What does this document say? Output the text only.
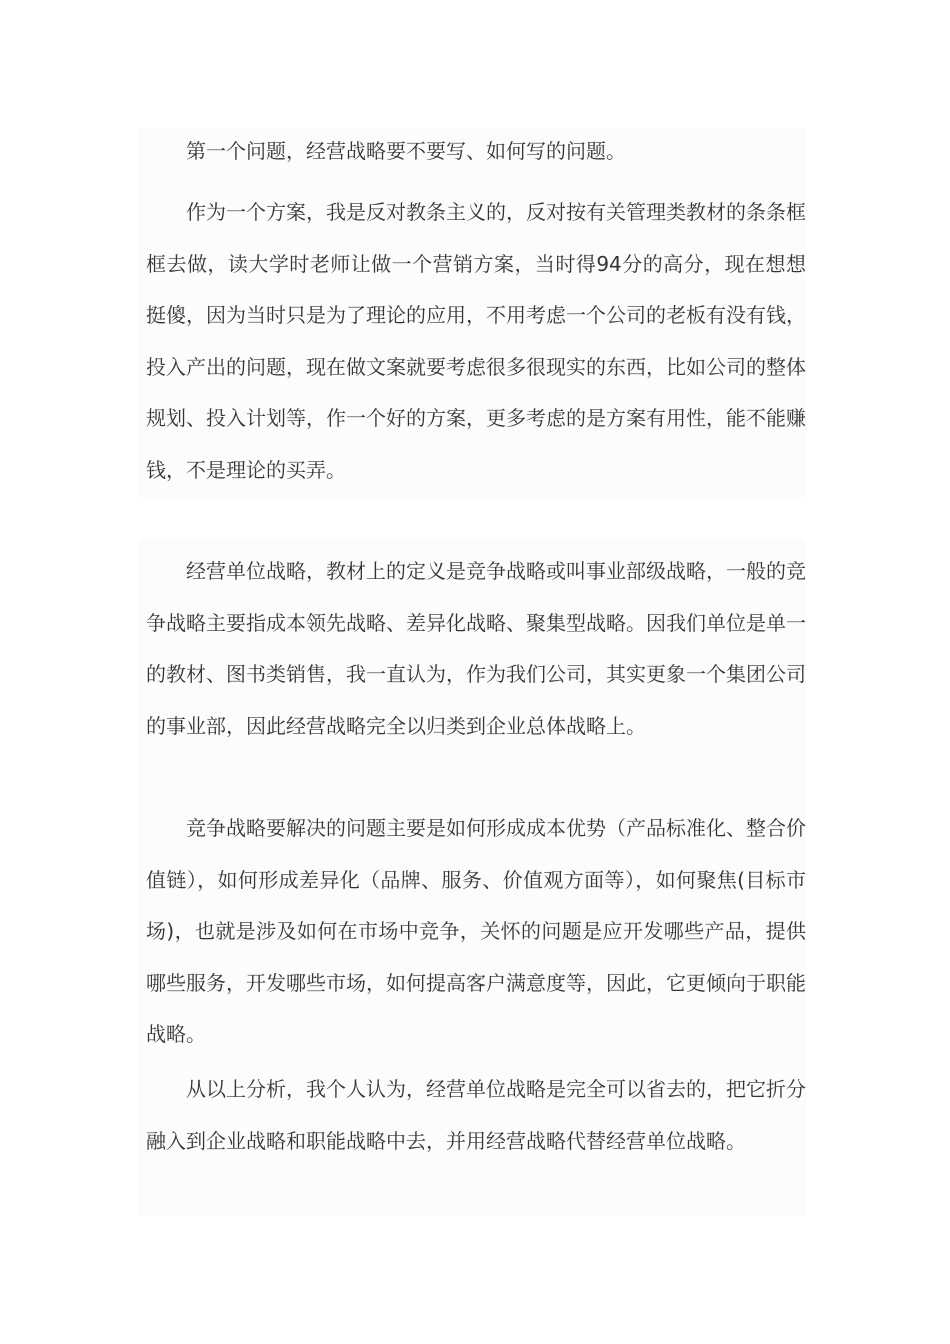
第一个问题，经营战略要不要写、如何写的问题。

作为一个方案，我是反对教条主义的，反对按有关管理类教材的条条框框去做，读大学时老师让做一个营销方案，当时得94分的高分，现在想想挺傻，因为当时只是为了理论的应用，不用考虑一个公司的老板有没有钱，投入产出的问题，现在做文案就要考虑很多很现实的东西，比如公司的整体规划、投入计划等，作一个好的方案，更多考虑的是方案有用性，能不能赚钱，不是理论的买弄。

经营单位战略，教材上的定义是竞争战略或叫事业部级战略，一般的竞争战略主要指成本领先战略、差异化战略、聚集型战略。因我们单位是单一的教材、图书类销售，我一直认为，作为我们公司，其实更象一个集团公司的事业部，因此经营战略完全以归类到企业总体战略上。

竞争战略要解决的问题主要是如何形成成本优势（产品标准化、整合价值链），如何形成差异化（品牌、服务、价值观方面等），如何聚焦(目标市场)，也就是涉及如何在市场中竞争，关怀的问题是应开发哪些产品，提供哪些服务，开发哪些市场，如何提高客户满意度等，因此，它更倾向于职能战略。

从以上分析，我个人认为，经营单位战略是完全可以省去的，把它折分融入到企业战略和职能战略中去，并用经营战略代替经营单位战略。
